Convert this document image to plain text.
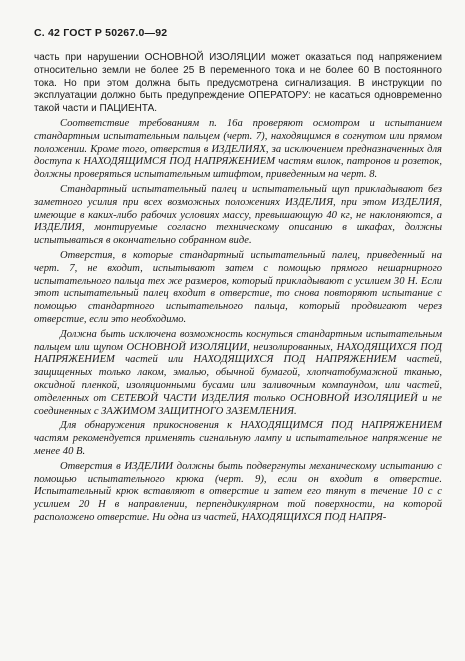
С. 42 ГОСТ Р 50267.0—92

часть при нарушении ОСНОВНОЙ ИЗОЛЯЦИИ может оказаться под напряжением относительно земли не более 25 В переменного тока и не более 60 В постоянного тока. Но при этом должна быть предусмотрена сигнализация. В инструкции по эксплуатации должно быть предупреждение ОПЕРАТОРУ: не касаться одновременно такой части и ПАЦИЕНТА.

Соответствие требованиям п. 16а проверяют осмотром и испытанием стандартным испытательным пальцем (черт. 7), находящимся в согнутом или прямом положении. Кроме того, отверстия в ИЗДЕЛИЯХ, за исключением предназначенных для доступа к НАХОДЯЩИМСЯ ПОД НАПРЯЖЕНИЕМ частям вилок, патронов и розеток, должны проверяться испытательным штифтом, приведенным на черт. 8.

Стандартный испытательный палец и испытательный щуп прикладывают без заметного усилия при всех возможных положениях ИЗДЕЛИЯ, при этом ИЗДЕЛИЯ, имеющие в каких-либо рабочих условиях массу, превышающую 40 кг, не наклоняются, а ИЗДЕЛИЯ, монтируемые согласно техническому описанию в шкафах, должны испытываться в окончательно собранном виде.

Отверстия, в которые стандартный испытательный палец, приведенный на черт. 7, не входит, испытывают затем с помощью прямого нешарнирного испытательного пальца тех же размеров, который прикладывают с усилием 30 Н. Если этот испытательный палец входит в отверстие, то снова повторяют испытание с помощью стандартного испытательного пальца, который продвигают через отверстие, если это необходимо.

Должна быть исключена возможность коснуться стандартным испытательным пальцем или щупом ОСНОВНОЙ ИЗОЛЯЦИИ, неизолированных, НАХОДЯЩИХСЯ ПОД НАПРЯЖЕНИЕМ частей или НАХОДЯЩИХСЯ ПОД НАПРЯЖЕНИЕМ частей, защищенных только лаком, эмалью, обычной бумагой, хлопчатобумажной тканью, оксидной пленкой, изоляционными бусами или заливочным компаундом, или частей, отделенных от СЕТЕВОЙ ЧАСТИ ИЗДЕЛИЯ только ОСНОВНОЙ ИЗОЛЯЦИЕЙ и не соединенных с ЗАЖИМОМ ЗАЩИТНОГО ЗАЗЕМЛЕНИЯ.

Для обнаружения прикосновения к НАХОДЯЩИМСЯ ПОД НАПРЯЖЕНИЕМ частям рекомендуется применять сигнальную лампу и испытательное напряжение не менее 40 В.

Отверстия в ИЗДЕЛИИ должны быть подвергнуты механическому испытанию с помощью испытательного крюка (черт. 9), если он входит в отверстие. Испытательный крюк вставляют в отверстие и затем его тянут в течение 10 с с усилием 20 Н в направлении, перпендикулярном той поверхности, на которой расположено отверстие. Ни одна из частей, НАХОДЯЩИХСЯ ПОД НАПРЯ-
